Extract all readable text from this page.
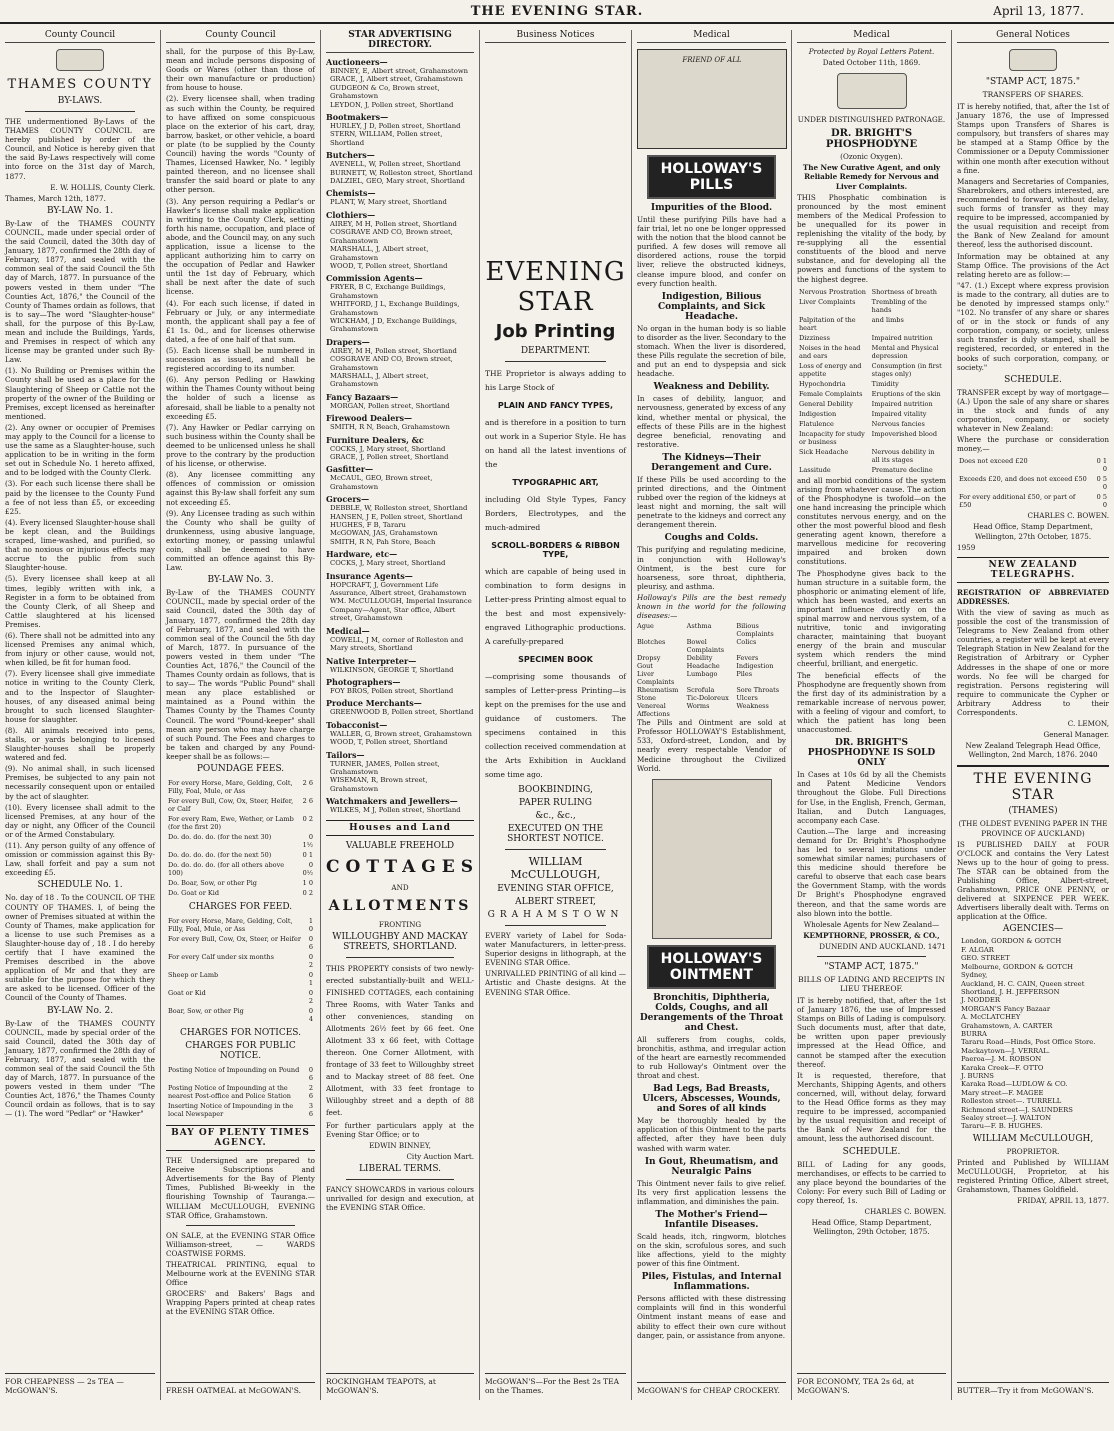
THE EVENING STAR.	April 13, 1877.
County Council
THAMES COUNTY
BY-LAWS.

THE undermentioned By-Laws of the THAMES COUNTY COUNCIL are hereby published by order of the Council, and Notice is hereby given that the said By-Laws respectively will come into force on the 31st day of March, 1877.

E. W. HOLLIS, County Clerk.

Thames, March 12th, 1877.

BY-LAW No. 1.

By-Law of the THAMES COUNTY COUNCIL, made under special order of the said Council, dated the 30th day of January, 1877, confirmed the 28th day of February, 1877, and sealed with the common seal of the said Council the 5th day of March, 1877. In pursuance of the powers vested in them under "The Counties Act, 1876," the Council of the County of Thames ordain as follows, that is to say—The word "Slaughter-house" shall, for the purpose of this By-Law, mean and include the Buildings, Yards, and Premises in respect of which any license may be granted under such By-Law.

(1). No Building or Premises within the County shall be used as a place for the Slaughtering of Sheep or Cattle not the property of the owner of the Building or Premises, except licensed as hereinafter mentioned.

(2). Any owner or occupier of Premises may apply to the Council for a license to use the same as a Slaughter-house, such application to be in writing in the form set out in Schedule No. 1 hereto affixed, and to be lodged with the County Clerk.

(3). For each such license there shall be paid by the licensee to the County Fund a fee of not less than £5, or exceeding £25.

(4). Every licensed Slaughter-house shall be kept clean, and the Buildings scraped, lime-washed, and purified, so that no noxious or injurious effects may accrue to the public from such Slaughter-house.

(5). Every licensee shall keep at all times, legibly written with ink, a Register in a form to be obtained from the County Clerk, of all Sheep and Cattle slaughtered at his licensed Premises.

(6). There shall not be admitted into any licensed Premises any animal which, from injury or other cause, would not, when killed, be fit for human food.

(7). Every licensee shall give immediate notice in writing to the County Clerk, and to the Inspector of Slaughter-houses, of any diseased animal being brought to such licensed Slaughter-house for slaughter.

(8). All animals received into pens, stalls, or yards belonging to licensed Slaughter-houses shall be properly watered and fed.

(9). No animal shall, in such licensed Premises, be subjected to any pain not necessarily consequent upon or entailed by the act of slaughter.

(10). Every licensee shall admit to the licensed Premises, at any hour of the day or night, any Officer of the Council or of the Armed Constabulary.

(11). Any person guilty of any offence of omission or commission against this By-Law, shall forfeit and pay a sum not exceeding £5.

SCHEDULE No. 1.

No. day of 18 . To the COUNCIL OF THE COUNTY OF THAMES. I, of being the owner of Premises situated at within the County of Thames, make application for a license to use such Premises as a Slaughter-house day of , 18 . I do hereby certify that I have examined the Premises described in the above application of Mr and that they are suitable for the purpose for which they are asked to be licensed. Officer of the Council of the County of Thames.

BY-LAW No. 2.

By-Law of the THAMES COUNTY COUNCIL, made by special order of the said Council, dated the 30th day of January, 1877, confirmed the 28th day of February, 1877, and sealed with the common seal of the said Council the 5th day of March, 1877. In pursuance of the powers vested in them under "The Counties Act, 1876," the Thames County Council ordain as follows, that is to say— (1). The word "Pedlar" or "Hawker"

FOR CHEAPNESS — 2s TEA — McGOWAN'S.
County Council

shall, for the purpose of this By-Law, mean and include persons disposing of Goods or Wares (other than those of their own manufacture or production) from house to house.

(2). Every licensee shall, when trading as such within the County, be required to have affixed on some conspicuous place on the exterior of his cart, dray, barrow, basket, or other vehicle, a board or plate (to be supplied by the County Council) having the words "County of Thames, Licensed Hawker, No. " legibly painted thereon, and no licensee shall transfer the said board or plate to any other person.

(3). Any person requiring a Pedlar's or Hawker's license shall make application in writing to the County Clerk, setting forth his name, occupation, and place of abode, and the Council may, on any such application, issue a license to the applicant authorizing him to carry on the occupation of Pedlar and Hawker until the 1st day of February, which shall be next after the date of such license.

(4). For each such license, if dated in February or July, or any intermediate month, the applicant shall pay a fee of £1 1s. 0d., and for licenses otherwise dated, a fee of one half of that sum.

(5). Each license shall be numbered in succession as issued, and shall be registered according to its number.

(6). Any person Pedling or Hawking within the Thames County without being the holder of such a license as aforesaid, shall be liable to a penalty not exceeding £5.

(7). Any Hawker or Pedlar carrying on such business within the County shall be deemed to be unlicensed unless he shall prove to the contrary by the production of his license, or otherwise.

(8). Any licensee committing any offences of commission or omission against this By-law shall forfeit any sum not exceeding £5.

(9). Any Licensee trading as such within the County who shall be guilty of drunkenness, using abusive language, extorting money, or passing unlawful coin, shall be deemed to have committed an offence against this By-Law.

BY-LAW No. 3.

By-Law of the THAMES COUNTY COUNCIL, made by special order of the said Council, dated the 30th day of January, 1877, confirmed the 28th day of February, 1877, and sealed with the common seal of the Council the 5th day of March, 1877. In pursuance of the powers vested in them under "The Counties Act, 1876," the Council of the Thames County ordain as follows, that is to say— The words "Public Pound" shall mean any place established or maintained as a Pound within the Thames County by the Thames County Council. The word "Pound-keeper" shall mean any person who may have charge of such Pound. The Fees and charges to be taken and charged by any Pound-keeper shall be as follows:—

POUNDAGE FEES.
For every Horse, Mare, Gelding, Colt, Filly, Foal, Mule, or Ass	2 6
For every Bull, Cow, Ox, Steer, Heifer, or Calf	2 6
For every Ram, Ewe, Wether, or Lamb (for the first 20)	0 2
Do. do. do. do. (for the next 30)	0 1½
Do. do. do. do. (for the next 50)	0 1
Do. do. do. do. (for all others above 100)	0 0½
Do. Boar, Sow, or other Pig	1 0
Do. Goat or Kid	0 2
CHARGES FOR FEED.
For every Horse, Mare, Gelding, Colt, Filly, Foal, Mule, or Ass	1 0
For every Bull, Cow, Ox, Steer, or Heifer	0 6
For every Calf under six months	0 2
Sheep or Lamb	0 1
Goat or Kid	0 2
Boar, Sow, or other Pig	0 4
CHARGES FOR NOTICES.
CHARGES FOR PUBLIC NOTICE.
Posting Notice of Impounding on Pound	0 6
Posting Notice of Impounding at the nearest Post-office and Police Station	2 6
Inserting Notice of Impounding in the local Newspaper	3 6
BAY OF PLENTY TIMES AGENCY.

THE Undersigned are prepared to Receive Subscriptions and Advertisements for the Bay of Plenty Times, Published Bi-weekly in the flourishing Township of Tauranga.— WILLIAM McCULLOUGH, EVENING STAR Office, Grahamstown.

ON SALE, at the EVENING STAR Office Williamson-street, — WARDS COASTWISE FORMS.

THEATRICAL PRINTING, equal to Melbourne work at the EVENING STAR Office

GROCERS' and Bakers' Bags and Wrapping Papers printed at cheap rates at the EVENING STAR Office.

FRESH OATMEAL at McGOWAN'S.
STAR ADVERTISING DIRECTORY.
Auctioneers—
BINNEY, E, Albert street, Grahamstown
GRACE, J, Albert street, Grahamstown
GUDGEON & Co, Brown street, Grahamstown
LEYDON, J, Pollen street, Shortland
Bootmakers—
HURLEY, J D, Pollen street, Shortland
STERN, WILLIAM, Pollen street, Shortland
Butchers—
AVENELL, W, Pollen street, Shortland
BURNETT, W, Rolleston street, Shortland
DALZIEL, GEO, Mary street, Shortland
Chemists—
PLANT, W, Mary street, Shortland
Clothiers—
AIREY, M H, Pollen street, Shortland
COSGRAVE AND CO, Brown street, Grahamstown
MARSHALL, J, Albert street, Grahamstown
WOOD, T, Pollen street, Shortland
Commission Agents—
FRYER, B C, Exchange Buildings, Grahamstown
WHITFORD, J L, Exchange Buildings, Grahamstown
WICKHAM, J D, Exchange Buildings, Grahamstown
Drapers—
AIREY, M H, Pollen street, Shortland
COSGRAVE AND CO, Brown street, Grahamstown
MARSHALL, J, Albert street, Grahamstown
Fancy Bazaars—
MORGAN, Pollen street, Shortland
Firewood Dealers—
SMITH, R N, Beach, Grahamstown
Furniture Dealers, &c
COCKS, J, Mary street, Shortland
GRACE, J, Pollen street, Shortland
Gasfitter—
McCAUL, GEO, Brown street, Grahamstown
Grocers—
DEBBLE, W, Rolleston street, Shortland
HANSEN, J E, Pollen street, Shortland
HUGHES, F B, Tararu
McGOWAN, JAS, Grahamstown
SMITH, R N, Pah Store, Beach
Hardware, etc—
COCKS, J, Mary street, Shortland
Insurance Agents—
HOPCRAFT, J, Government Life Assurance, Albert street, Grahamstown
WM. McCULLOUGH, Imperial Insurance Company—Agent, Star office, Albert street, Grahamstown
Medical—
COWELL, J M, corner of Rolleston and Mary streets, Shortland
Native Interpreter—
WILKINSON, GEORGE T, Shortland
Photographers—
FOY BROS, Pollen street, Shortland
Produce Merchants—
GREENWOOD B, Pollen street, Shortland
Tobacconist—
WALLER, G, Brown street, Grahamstown
WOOD, T, Pollen street, Shortland
Tailors—
TURNER, JAMES, Pollen street, Grahamstown
WISEMAN, R, Brown street, Grahamstown
Watchmakers and Jewellers—
WILKES, M J, Pollen street, Shortland
Houses and Land
VALUABLE FREEHOLD
COTTAGES
AND
ALLOTMENTS
FRONTING
WILLOUGHBY AND MACKAY STREETS, SHORTLAND.

THIS PROPERTY consists of two newly-erected substantially-built and WELL-FINISHED COTTAGES, each containing Three Rooms, with Water Tanks and other conveniences, standing on Allotments 26½ feet by 66 feet. One Allotment 33 x 66 feet, with Cottage thereon. One Corner Allotment, with frontage of 33 feet to Willoughby street and to Mackay street of 88 feet. One Allotment, with 33 feet frontage to Willoughby street and a depth of 88 feet.

For further particulars apply at the Evening Star Office; or to

EDWIN BINNEY,
City Auction Mart.
LIBERAL TERMS.

FANCY SHOWCARDS in various colours unrivalled for design and execution, at the EVENING STAR Office.

ROCKINGHAM TEAPOTS, at McGOWAN'S.
Business Notices
EVENING STAR
Job Printing
DEPARTMENT.

THE Proprietor is always adding to his Large Stock of

PLAIN AND FANCY TYPES,

and is therefore in a position to turn out work in a Superior Style. He has on hand all the latest inventions of the

TYPOGRAPHIC ART,

including Old Style Types, Fancy Borders, Electrotypes, and the much-admired

SCROLL-BORDERS & RIBBON TYPE,

which are capable of being used in combination to form designs in Letter-press Printing almost equal to the best and most expensively-engraved Lithographic productions. A carefully-prepared

SPECIMEN BOOK

—comprising some thousands of samples of Letter-press Printing—is kept on the premises for the use and guidance of customers. The specimens contained in this collection received commendation at the Arts Exhibition in Auckland some time ago.

BOOKBINDING,
PAPER RULING
&c., &c.,
EXECUTED ON THE SHORTEST NOTICE.
WILLIAM McCULLOUGH,
EVENING STAR OFFICE,
ALBERT STREET,
GRAHAMSTOWN

EVERY variety of Label for Soda-water Manufacturers, in letter-press. Superior designs in lithograph, at the EVENING STAR Office.

UNRIVALLED PRINTING of all kind — Artistic and Chaste designs. At the EVENING STAR Office.

McGOWAN'S—For the Best 2s TEA on the Thames.
Medical
FRIEND OF ALL
HOLLOWAY'S PILLS
Impurities of the Blood.

Until these purifying Pills have had a fair trial, let no one be longer oppressed with the notion that the blood cannot be purified. A few doses will remove all disordered actions, rouse the torpid liver, relieve the obstructed kidneys, cleanse impure blood, and confer on every function health.

Indigestion, Bilious Complaints, and Sick Headache.

No organ in the human body is so liable to disorder as the liver. Secondary to the stomach. When the liver is disordered, these Pills regulate the secretion of bile, and put an end to dyspepsia and sick headache.

Weakness and Debility.

In cases of debility, languor, and nervousness, generated by excess of any kind, whether mental or physical, the effects of these Pills are in the highest degree beneficial, renovating and restorative.

The Kidneys—Their Derangement and Cure.

If these Pills be used according to the printed directions, and the Ointment rubbed over the region of the kidneys at least night and morning, the salt will penetrate to the kidneys and correct any derangement therein.

Coughs and Colds.

This purifying and regulating medicine, in conjunction with Holloway's Ointment, is the best cure for hoarseness, sore throat, diphtheria, pleurisy, and asthma.

Holloway's Pills are the best remedy known in the world for the following diseases:—

Ague	Asthma	Bilious Complaints
Blotches	Bowel Complaints
Colics
Dropsy	Debility	Fevers
Gout	Headache	Indigestion
Liver Complaints
Lumbago	Piles
Rheumatism	Scrofula	Sore Throats
Stone	Tic-Doloreux	Ulcers
Venereal Affections
Worms	Weakness

The Pills and Ointment are sold at Professor HOLLOWAY'S Establishment, 533, Oxford-street, London, and by nearly every respectable Vendor of Medicine throughout the Civilized World.

HOLLOWAY'S OINTMENT
Bronchitis, Diphtheria, Colds, Coughs, and all Derangements of the Throat and Chest.

All sufferers from coughs, colds, bronchitis, asthma, and irregular action of the heart are earnestly recommended to rub Holloway's Ointment over the throat and chest.

Bad Legs, Bad Breasts, Ulcers, Abscesses, Wounds, and Sores of all kinds

May be thoroughly healed by the application of this Ointment to the parts affected, after they have been duly washed with warm water.

In Gout, Rheumatism, and Neuralgic Pains

This Ointment never fails to give relief. Its very first application lessens the inflammation, and diminishes the pain.

The Mother's Friend—Infantile Diseases.

Scald heads, itch, ringworm, blotches on the skin, scrofulous sores, and such like affections, yield to the mighty power of this fine Ointment.

Piles, Fistulas, and Internal Inflammations.

Persons afflicted with these distressing complaints will find in this wonderful Ointment instant means of ease and ability to effect their own cure without danger, pain, or assistance from anyone.

McGOWAN'S for CHEAP CROCKERY.
Medical

Protected by Royal Letters Patent.

Dated October 11th, 1869.

UNDER DISTINGUISHED PATRONAGE.

DR. BRIGHT'S PHOSPHODYNE

(Ozonic Oxygen).

The New Curative Agent, and only Reliable Remedy for Nervous and Liver Complaints.

THIS Phosphatic combination is pronounced by the most eminent members of the Medical Profession to be unequalled for its power in replenishing the vitality of the body, by re-supplying all the essential constituents of the blood and nerve substance, and for developing all the powers and functions of the system to the highest degree.

Nervous Prostration	Shortness of breath
Liver Complaints	Trembling of the hands
Palpitation of the heart	and limbs
Dizziness	Impaired nutrition
Noises in the head and ears	Mental and Physical depression
Loss of energy and appetite	Consumption (in first stages only)
Hypochondria	Timidity
Female Complaints	Eruptions of the skin
General Debility	Impaired nutrition
Indigestion	Impaired vitality
Flatulence	Nervous fancies
Incapacity for study or business	Impoverished blood
Sick Headache	Nervous debility in all its stages
Lassitude	Premature decline

and all morbid conditions of the system arising from whatever cause. The action of the Phosphodyne is twofold—on the one hand increasing the principle which constitutes nervous energy, and on the other the most powerful blood and flesh generating agent known, therefore a marvellous medicine for recovering impaired and broken down constitutions.

The Phosphodyne gives back to the human structure in a suitable form, the phosphoric or animating element of life, which has been wasted, and exerts an important influence directly on the spinal marrow and nervous system, of a nutritive, tonic and invigorating character, maintaining that buoyant energy of the brain and muscular system which renders the mind cheerful, brilliant, and energetic.

The beneficial effects of the Phosphodyne are frequently shown from the first day of its administration by a remarkable increase of nervous power, with a feeling of vigour and comfort, to which the patient has long been unaccustomed.

DR. BRIGHT'S PHOSPHODYNE IS SOLD ONLY

In Cases at 10s 6d by all the Chemists and Patent Medicine Vendors throughout the Globe. Full Directions for Use, in the English, French, German, Italian, and Dutch Languages, accompany each Case.

Caution.—The large and increasing demand for Dr. Bright's Phosphodyne has led to several imitations under somewhat similar names; purchasers of this medicine should therefore be careful to observe that each case bears the Government Stamp, with the words Dr Bright's Phosphodyne engraved thereon, and that the same words are also blown into the bottle.

Wholesale Agents for New Zealand—

KEMPTHORNE, PROSSER, & CO.,

DUNEDIN AND AUCKLAND. 1471

"STAMP ACT, 1875."
BILLS OF LADING AND RECEIPTS IN LIEU THEREOF.

IT is hereby notified, that, after the 1st of January 1876, the use of Impressed Stamps on Bills of Lading is compulsory. Such documents must, after that date, be written upon paper previously impressed at the Head Office, and cannot be stamped after the execution thereof.

It is requested, therefore, that Merchants, Shipping Agents, and others concerned, will, without delay, forward to the Head Office forms as they may require to be impressed, accompanied by the usual requisition and receipt of the Bank of New Zealand for the amount, less the authorised discount.

SCHEDULE.

BILL of Lading for any goods, merchandises, or effects to be carried to any place beyond the boundaries of the Colony: For every such Bill of Lading or copy thereof, 1s.

CHARLES C. BOWEN.

Head Office, Stamp Department, Wellington, 29th October, 1875.

FOR ECONOMY, TEA 2s 6d, at McGOWAN'S.
General Notices
"STAMP ACT, 1875."
TRANSFERS OF SHARES.

IT is hereby notified, that, after the 1st of January 1876, the use of Impressed Stamps upon Transfers of Shares is compulsory, but transfers of shares may be stamped at a Stamp Office by the Commissioner or a Deputy Commissioner within one month after execution without a fine.

Managers and Secretaries of Companies, Sharebrokers, and others interested, are recommended to forward, without delay, such forms of transfer as they may require to be impressed, accompanied by the usual requisition and receipt from the Bank of New Zealand for amount thereof, less the authorised discount.

Information may be obtained at any Stamp Office. The provisions of the Act relating hereto are as follow:—

"47. (1.) Except where express provision is made to the contrary, all duties are to be denoted by impressed stamps only." "102. No transfer of any share or shares of or in the stock or funds of any corporation, company, or society, unless such transfer is duly stamped, shall be registered, recorded, or entered in the books of such corporation, company, or society."

SCHEDULE.

TRANSFER except by way of mortgage— (A.) Upon the sale of any share or shares in the stock and funds of any corporation, company, or society whatever in New Zealand:

Where the purchase or consideration money,—

Does not exceed £20	0 1 0
Exceeds £20, and does not exceed £50	0 5 0
For every additional £50, or part of £50	0 5 0

CHARLES C. BOWEN.

Head Office, Stamp Department, Wellington, 27th October, 1875.

1959

NEW ZEALAND TELEGRAPHS.

REGISTRATION OF ABBREVIATED ADDRESSES.

With the view of saving as much as possible the cost of the transmission of Telegrams to New Zealand from other countries, a register will be kept at every Telegraph Station in New Zealand for the Registration of Arbitrary or Cypher Addresses in the shape of one or more words. No fee will be charged for registration. Persons registering will require to communicate the Cypher or Arbitrary Address to their Correspondents.

C. LEMON,

General Manager.

New Zealand Telegraph Head Office, Wellington, 2nd March, 1876. 2040

THE EVENING STAR
(THAMES)

(THE OLDEST EVENING PAPER IN THE PROVINCE OF AUCKLAND)

IS PUBLISHED DAILY at FOUR O'CLOCK and contains the Very Latest News up to the hour of going to press. The STAR can be obtained from the Publishing Office, Albert-street, Grahamstown, PRICE ONE PENNY, or delivered at SIXPENCE PER WEEK. Advertisers liberally dealt with. Terms on application at the Office.

AGENCIES—
London, GORDON & GOTCH
F. ALGAR
GEO. STREET
Melbourne, GORDON & GOTCH
Sydney,
Auckland, H. C. CAIN, Queen street
Shortland, J. H. JEFFERSON
J. NODDER
MORGAN'S Fancy Bazaar
A. McCLATCHEY
Grahamstown, A. CARTER
BURRA
Tararu Road—Hinds, Post Office Store.
Mackaytown—J. VERRAL.
Paeroa—J. M. ROBSON
Karaka Creek—F. OTTO
J. BURNS
Karaka Road—LUDLOW & CO.
Mary street—F. MAGEE
Rolleston street—. TURRELL
Richmond street—J. SAUNDERS
Sealey street—J. WALTON
Tararu—F. B. HUGHES.
WILLIAM McCULLOUGH,

PROPRIETOR.

Printed and Published by WILLIAM McCULLOUGH, Proprietor, at his registered Printing Office, Albert street, Grahamstown, Thames Goldfield.

FRIDAY, APRIL 13, 1877.

BUTTER—Try it from McGOWAN'S.
